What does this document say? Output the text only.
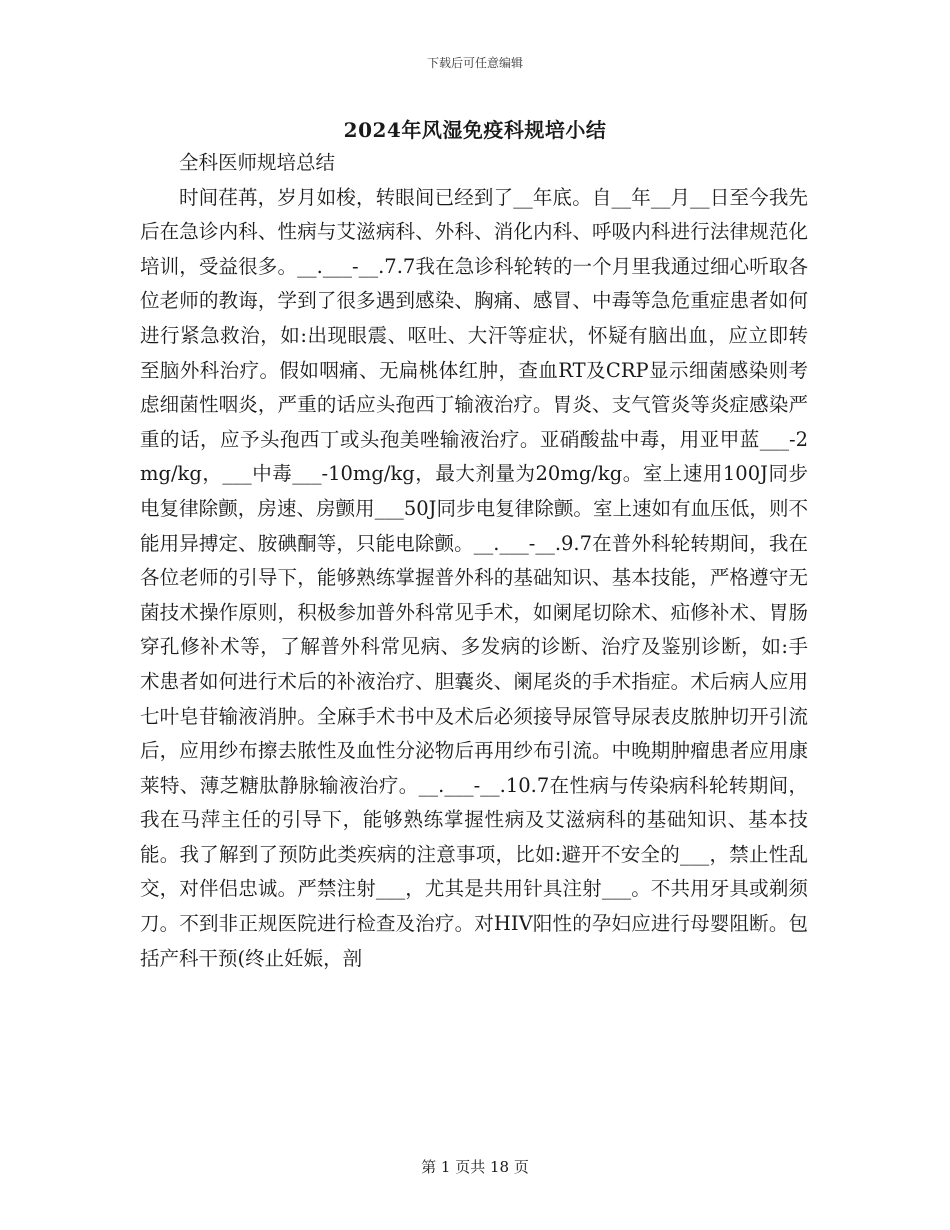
下载后可任意编辑
2024年风湿免疫科规培小结

全科医师规培总结

时间荏苒，岁月如梭，转眼间已经到了__年底。自__年__月__日至今我先后在急诊内科、性病与艾滋病科、外科、消化内科、呼吸内科进行法律规范化培训，受益很多。__.___-__.7.7我在急诊科轮转的一个月里我通过细心听取各位老师的教诲，学到了很多遇到感染、胸痛、感冒、中毒等急危重症患者如何进行紧急救治，如:出现眼震、呕吐、大汗等症状，怀疑有脑出血，应立即转至脑外科治疗。假如咽痛、无扁桃体红肿，查血RT及CRP显示细菌感染则考虑细菌性咽炎，严重的话应头孢西丁输液治疗。胃炎、支气管炎等炎症感染严重的话，应予头孢西丁或头孢美唑输液治疗。亚硝酸盐中毒，用亚甲蓝___-2mg/kg，___中毒___-10mg/kg，最大剂量为20mg/kg。室上速用100J同步电复律除颤，房速、房颤用___50J同步电复律除颤。室上速如有血压低，则不能用异搏定、胺碘酮等，只能电除颤。__.___-__.9.7在普外科轮转期间，我在各位老师的引导下，能够熟练掌握普外科的基础知识、基本技能，严格遵守无菌技术操作原则，积极参加普外科常见手术，如阑尾切除术、疝修补术、胃肠穿孔修补术等，了解普外科常见病、多发病的诊断、治疗及鉴别诊断，如:手术患者如何进行术后的补液治疗、胆囊炎、阑尾炎的手术指症。术后病人应用七叶皂苷输液消肿。全麻手术书中及术后必须接导尿管导尿表皮脓肿切开引流后，应用纱布擦去脓性及血性分泌物后再用纱布引流。中晚期肿瘤患者应用康莱特、薄芝糖肽静脉输液治疗。__.___-__.10.7在性病与传染病科轮转期间，我在马萍主任的引导下，能够熟练掌握性病及艾滋病科的基础知识、基本技能。我了解到了预防此类疾病的注意事项，比如:避开不安全的___，禁止性乱交，对伴侣忠诚。严禁注射___，尤其是共用针具注射___。不共用牙具或剃须刀。不到非正规医院进行检查及治疗。对HIV阳性的孕妇应进行母婴阻断。包括产科干预(终止妊娠，剖

第 1 页共 18 页
